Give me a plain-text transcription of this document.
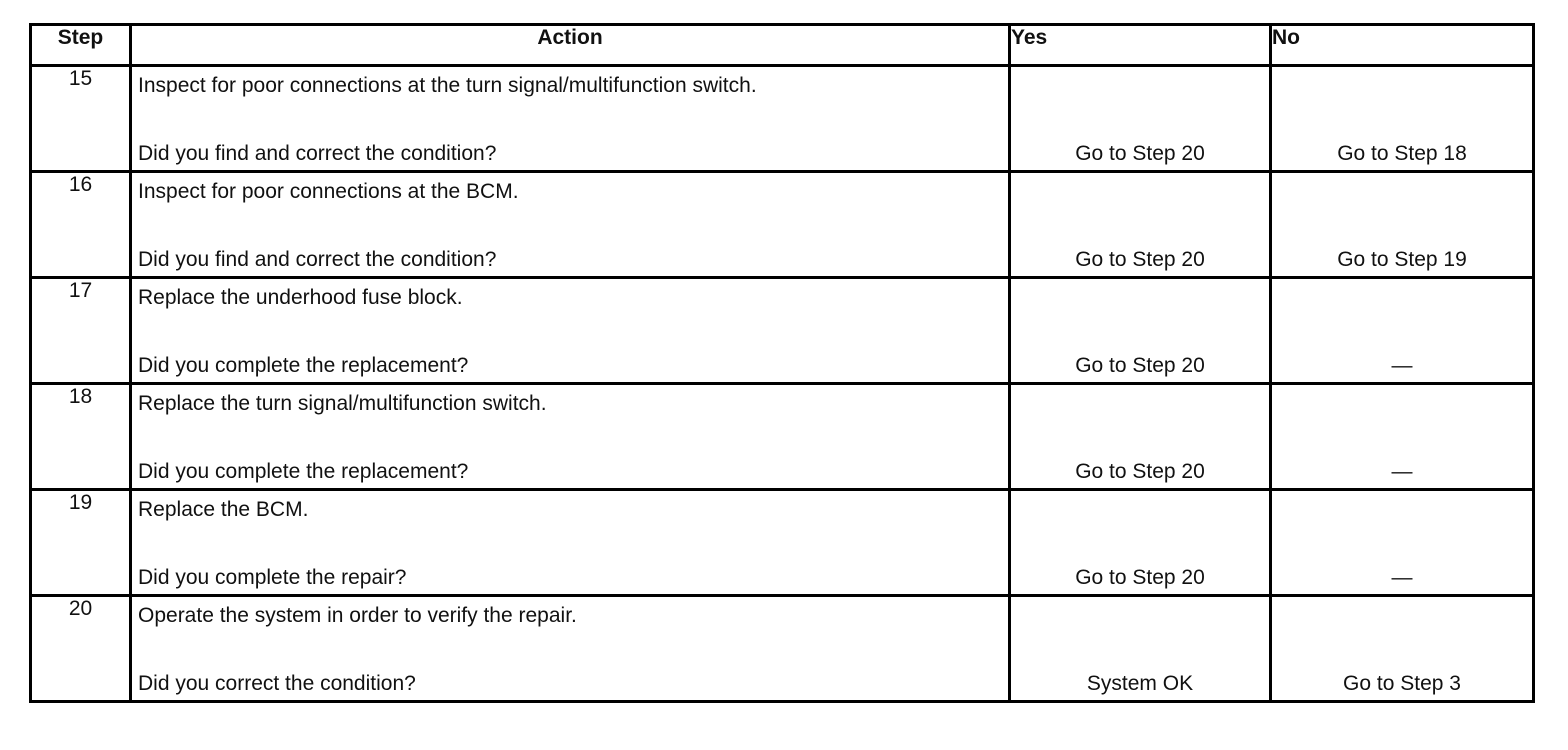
Step	Action	Yes	No
15	Inspect for poor connections at the turn signal/multifunction switch.
Did you find and correct the condition?	Go to Step 20	Go to Step 18

16	Inspect for poor connections at the BCM.
Did you find and correct the condition?	Go to Step 20	Go to Step 19

17	Replace the underhood fuse block.
Did you complete the replacement?	Go to Step 20	—

18	Replace the turn signal/multifunction switch.
Did you complete the replacement?	Go to Step 20	—

19	Replace the BCM.
Did you complete the repair?	Go to Step 20	—

20	Operate the system in order to verify the repair.
Did you correct the condition?	System OK	Go to Step 3
